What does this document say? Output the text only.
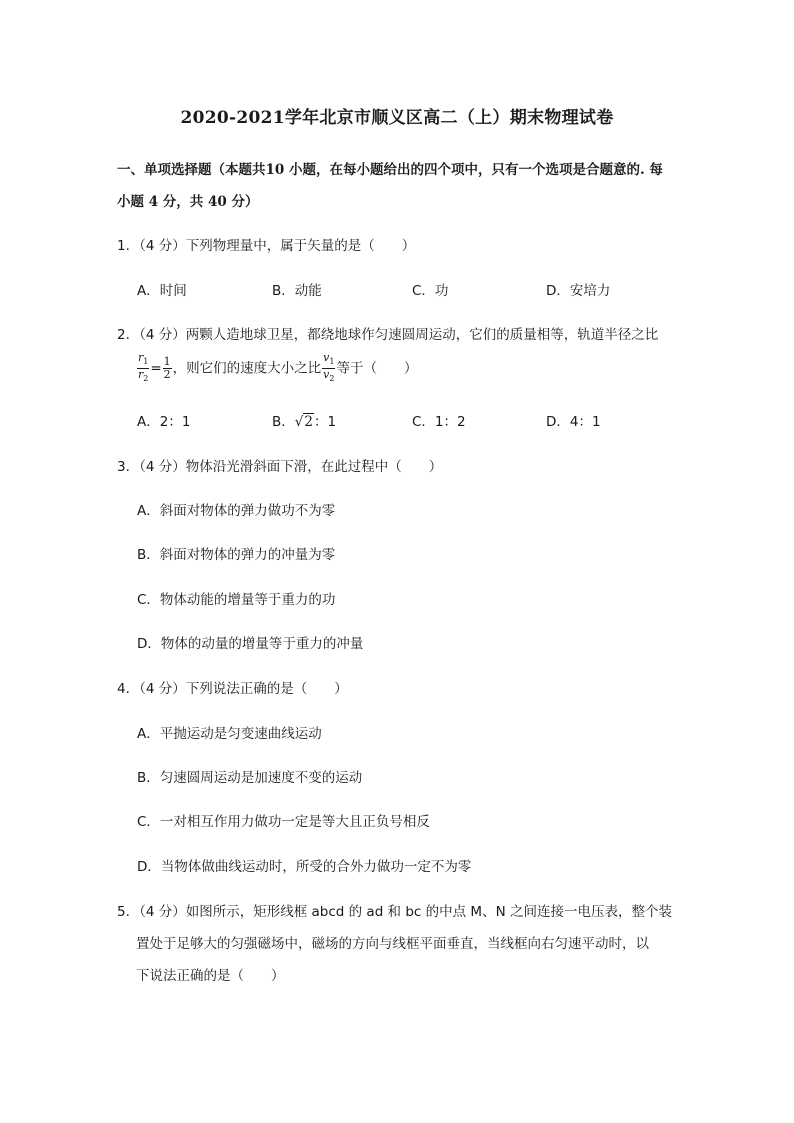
2020-2021学年北京市顺义区高二（上）期末物理试卷
一、单项选择题（本题共10 小题，在每小题给出的四个项中，只有一个选项是合题意的. 每
小题 4 分，共 40 分）
1．（4 分）下列物理量中，属于矢量的是（　　）
A．时间	B．动能	C．功	D．安培力
2．（4 分）两颗人造地球卫星，都绕地球作匀速圆周运动，它们的质量相等，轨道半径之比
$\frac{r_1}{r_2} = \frac{1}{2}$ ，则它们的速度大小之比 $\frac{v_1}{v_2}$ 等于（　　）
A．2：1	B．√2：1	C．1：2	D．4：1
3．（4 分）物体沿光滑斜面下滑，在此过程中（　　）
A．斜面对物体的弹力做功不为零
B．斜面对物体的弹力的冲量为零
C．物体动能的增量等于重力的功
D．物体的动量的增量等于重力的冲量
4．（4 分）下列说法正确的是（　　）
A．平抛运动是匀变速曲线运动
B．匀速圆周运动是加速度不变的运动
C．一对相互作用力做功一定是等大且正负号相反
D．当物体做曲线运动时，所受的合外力做功一定不为零
5．（4 分）如图所示，矩形线框 abcd 的 ad 和 bc 的中点 M、N 之间连接一电压表，整个装
置处于足够大的匀强磁场中，磁场的方向与线框平面垂直，当线框向右匀速平动时，以
下说法正确的是（　　）
